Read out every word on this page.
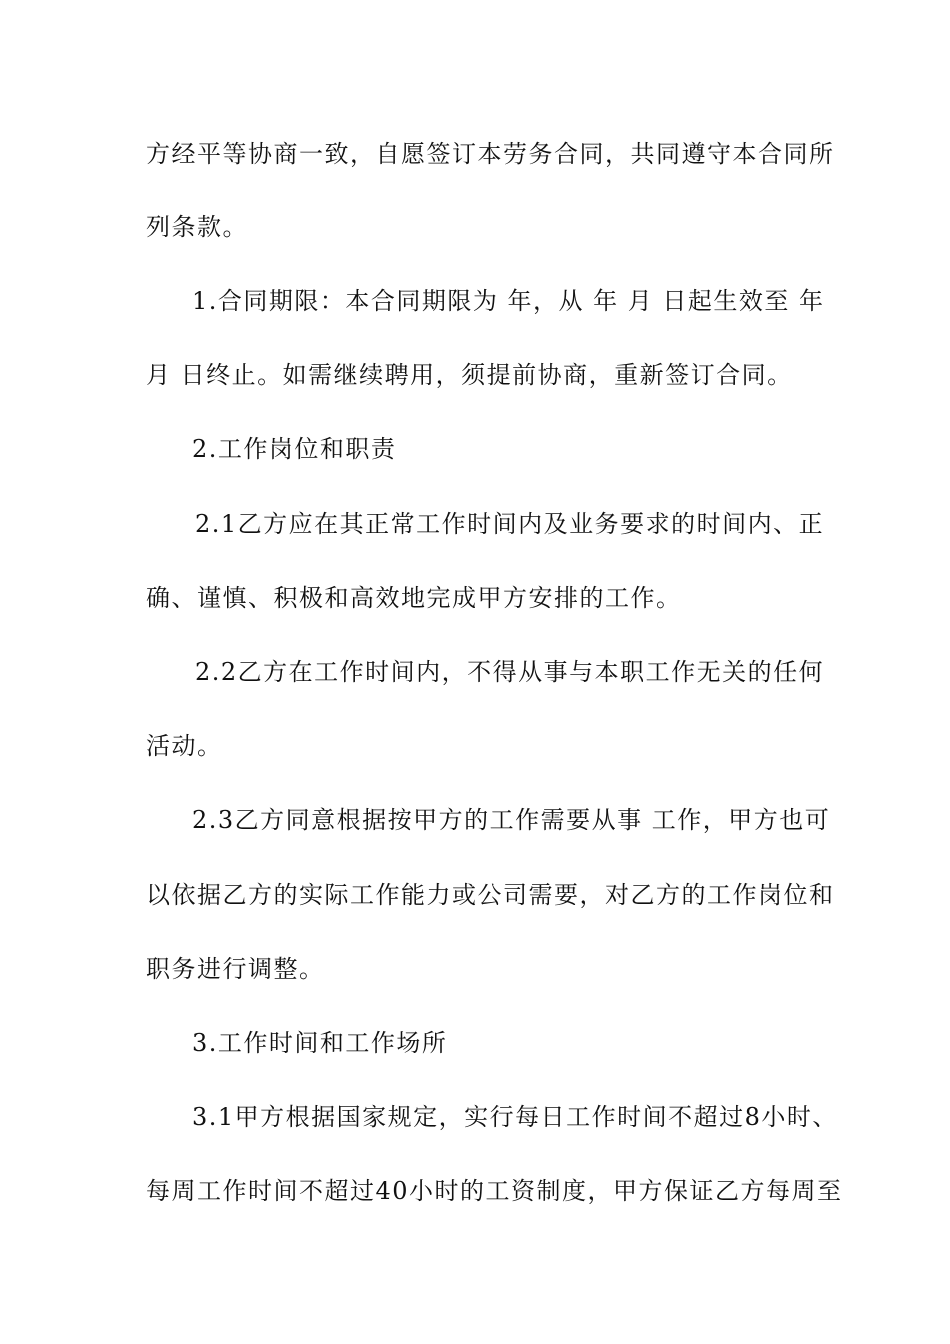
方经平等协商一致，自愿签订本劳务合同，共同遵守本合同所
列条款。
1.合同期限：本合同期限为 年，从 年 月 日起生效至 年
月 日终止。如需继续聘用，须提前协商，重新签订合同。
2.工作岗位和职责
2.1乙方应在其正常工作时间内及业务要求的时间内、正
确、谨慎、积极和高效地完成甲方安排的工作。
2.2乙方在工作时间内，不得从事与本职工作无关的任何
活动。
2.3乙方同意根据按甲方的工作需要从事 工作，甲方也可
以依据乙方的实际工作能力或公司需要，对乙方的工作岗位和
职务进行调整。
3.工作时间和工作场所
3.1甲方根据国家规定，实行每日工作时间不超过8小时、
每周工作时间不超过40小时的工资制度，甲方保证乙方每周至
